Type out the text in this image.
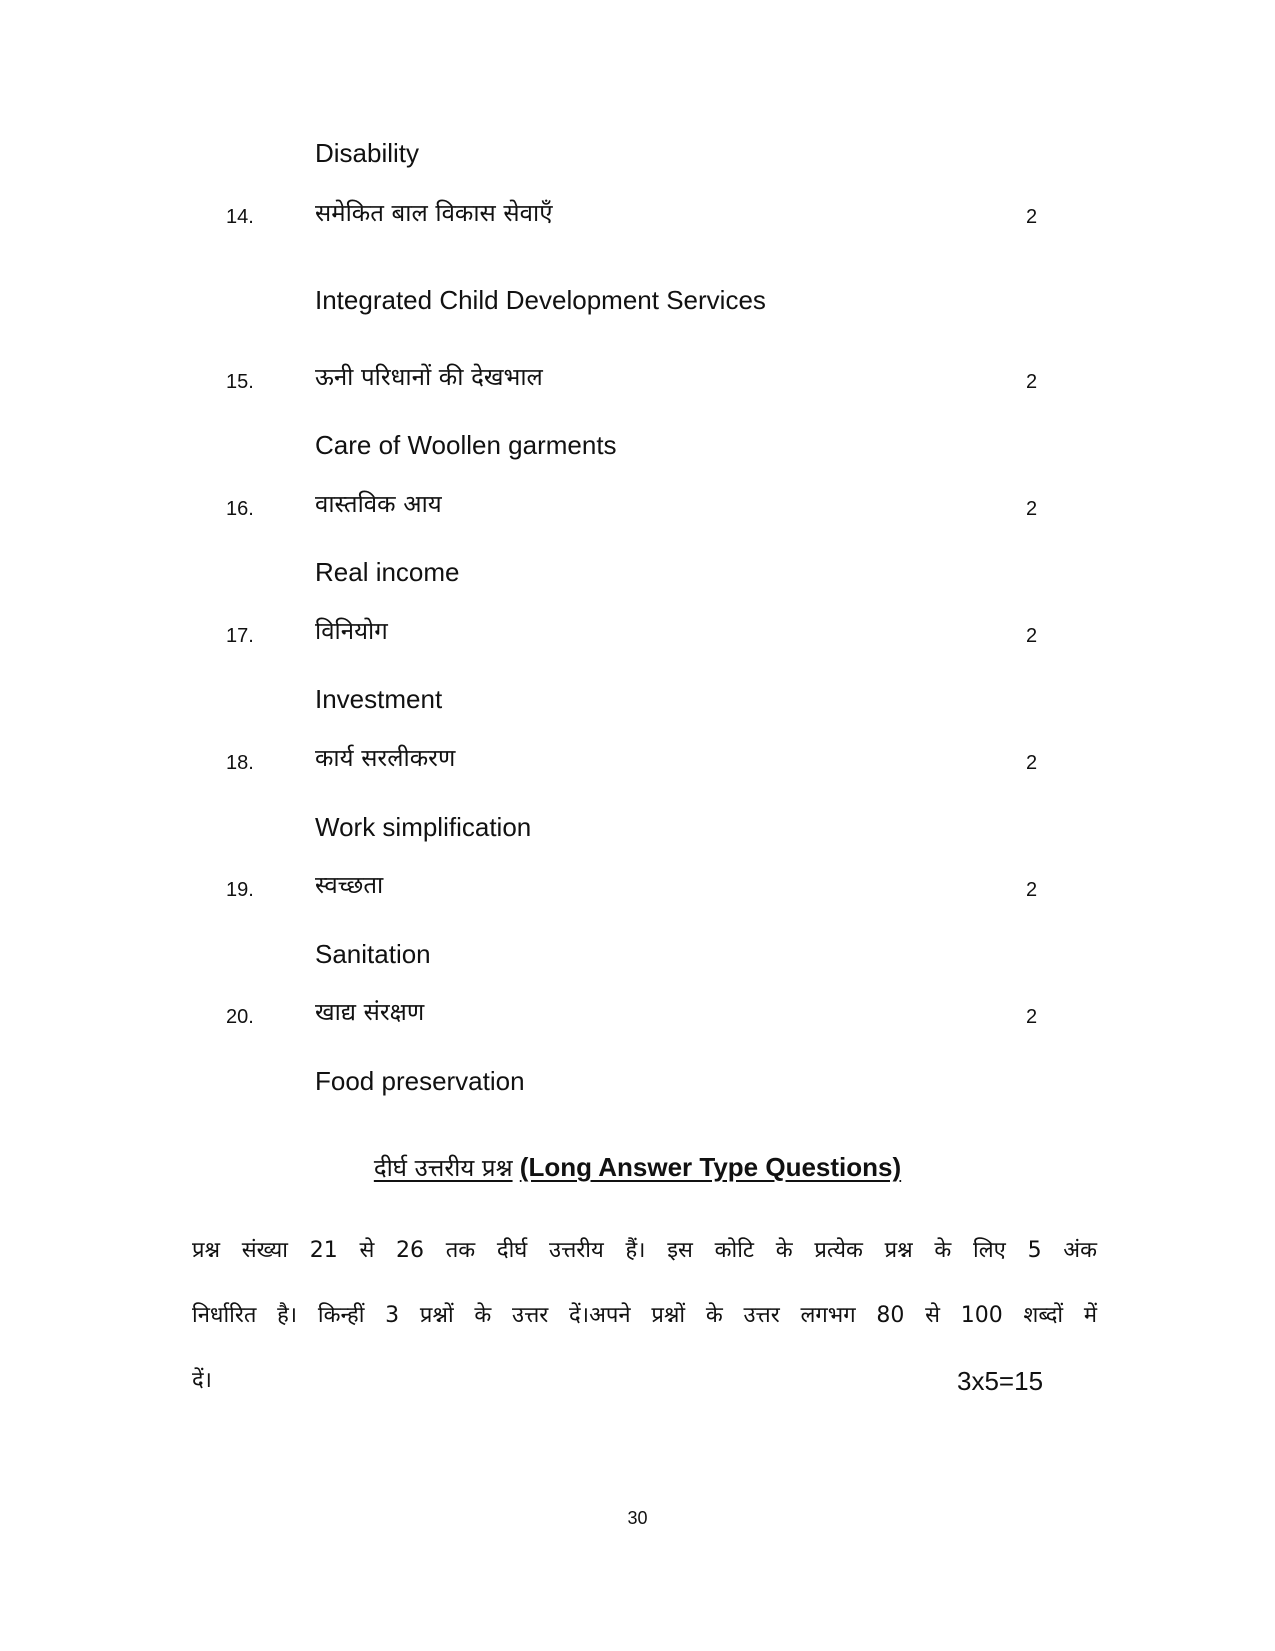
Disability
14.	समेकित बाल विकास सेवाएँ	2
Integrated Child Development Services
15.	ऊनी परिधानों की देखभाल	2
Care of Woollen garments
16.	वास्तविक आय	2
Real income
17.	विनियोग	2
Investment
18.	कार्य सरलीकरण	2
Work simplification
19.	स्वच्छता	2
Sanitation
20.	खाद्य संरक्षण	2
Food preservation
दीर्घ उत्तरीय प्रश्न (Long Answer Type Questions)
प्रश्न संख्या 21 से 26 तक दीर्घ उत्तरीय हैं। इस कोटि के प्रत्येक प्रश्न के लिए 5 अंक
निर्धारित है। किन्हीं 3 प्रश्नों के उत्तर दें।अपने प्रश्नों के उत्तर लगभग 80 से 100 शब्दों में
दें।	3x5=15
30
